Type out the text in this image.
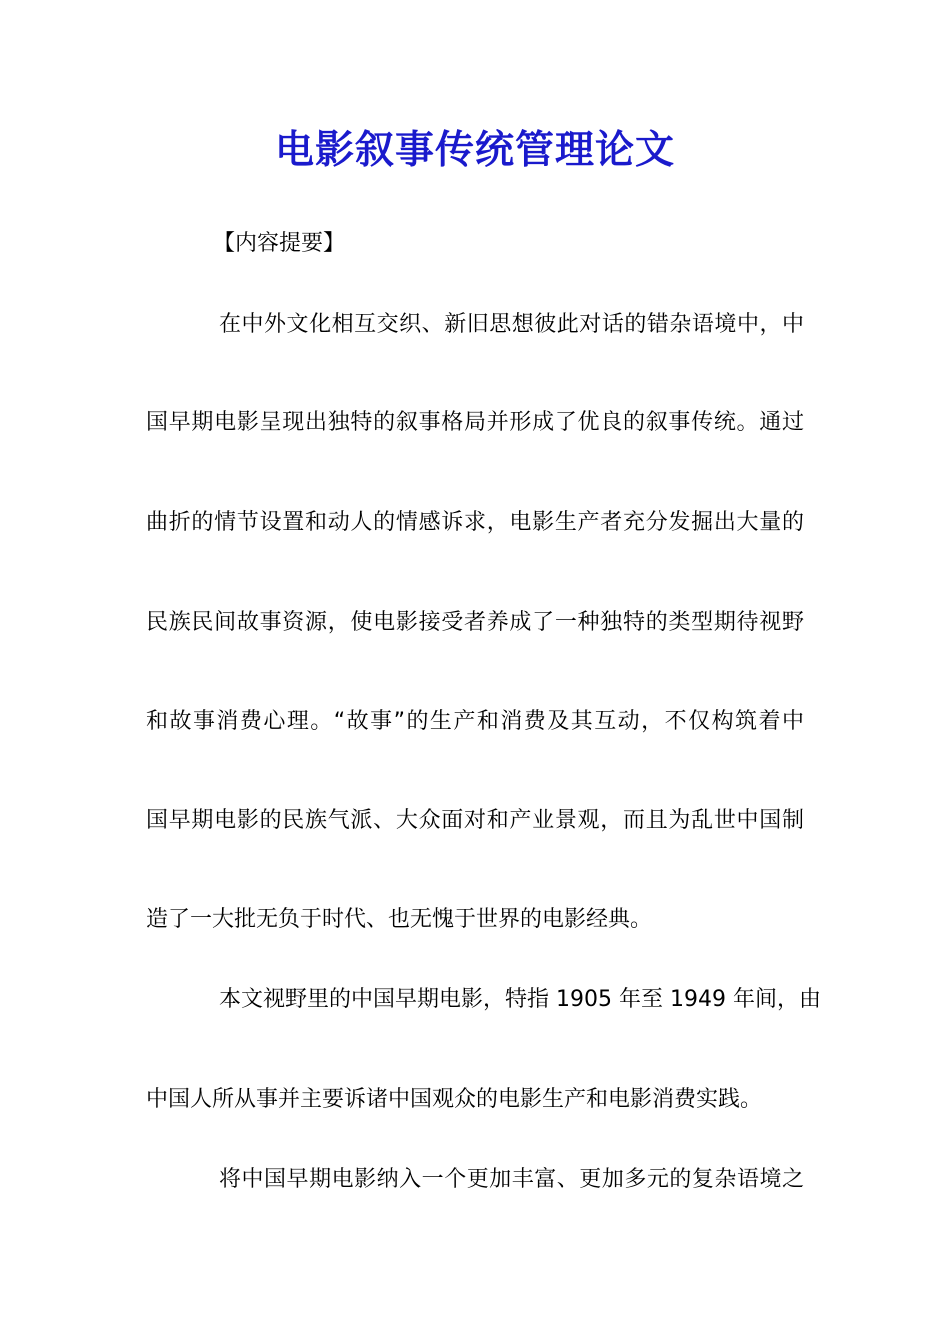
电影叙事传统管理论文

【内容提要】

在中外文化相互交织、新旧思想彼此对话的错杂语境中，中

国早期电影呈现出独特的叙事格局并形成了优良的叙事传统。通过

曲折的情节设置和动人的情感诉求，电影生产者充分发掘出大量的

民族民间故事资源，使电影接受者养成了一种独特的类型期待视野

和故事消费心理。“故事”的生产和消费及其互动，不仅构筑着中

国早期电影的民族气派、大众面对和产业景观，而且为乱世中国制

造了一大批无负于时代、也无愧于世界的电影经典。

本文视野里的中国早期电影，特指 1905 年至 1949 年间，由

中国人所从事并主要诉诸中国观众的电影生产和电影消费实践。

将中国早期电影纳入一个更加丰富、更加多元的复杂语境之
